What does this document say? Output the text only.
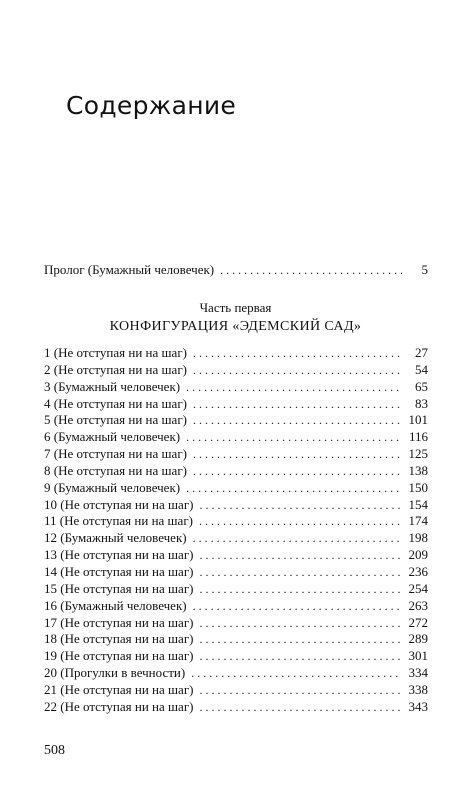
Содержание
Пролог (Бумажный человечек) . . .	5
Часть первая
КОНФИГУРАЦИЯ «ЭДЕМСКИЙ САД»
1 (Не отступая ни на шаг) . . .	27
2 (Не отступая ни на шаг) . . .	54
3 (Бумажный человечек) . . .	65
4 (Не отступая ни на шаг) . . .	83
5 (Не отступая ни на шаг) . . .	101
6 (Бумажный человечек) . . .	116
7 (Не отступая ни на шаг) . . .	125
8 (Не отступая ни на шаг) . . .	138
9 (Бумажный человечек) . . .	150
10 (Не отступая ни на шаг) . . .	154
11 (Не отступая ни на шаг) . . .	174
12 (Бумажный человечек) . . .	198
13 (Не отступая ни на шаг) . . .	209
14 (Не отступая ни на шаг) . . .	236
15 (Не отступая ни на шаг) . . .	254
16 (Бумажный человечек) . . .	263
17 (Не отступая ни на шаг) . . .	272
18 (Не отступая ни на шаг) . . .	289
19 (Не отступая ни на шаг) . . .	301
20 (Прогулки в вечности) . . .	334
21 (Не отступая ни на шаг) . . .	338
22 (Не отступая ни на шаг) . . .	343
508
